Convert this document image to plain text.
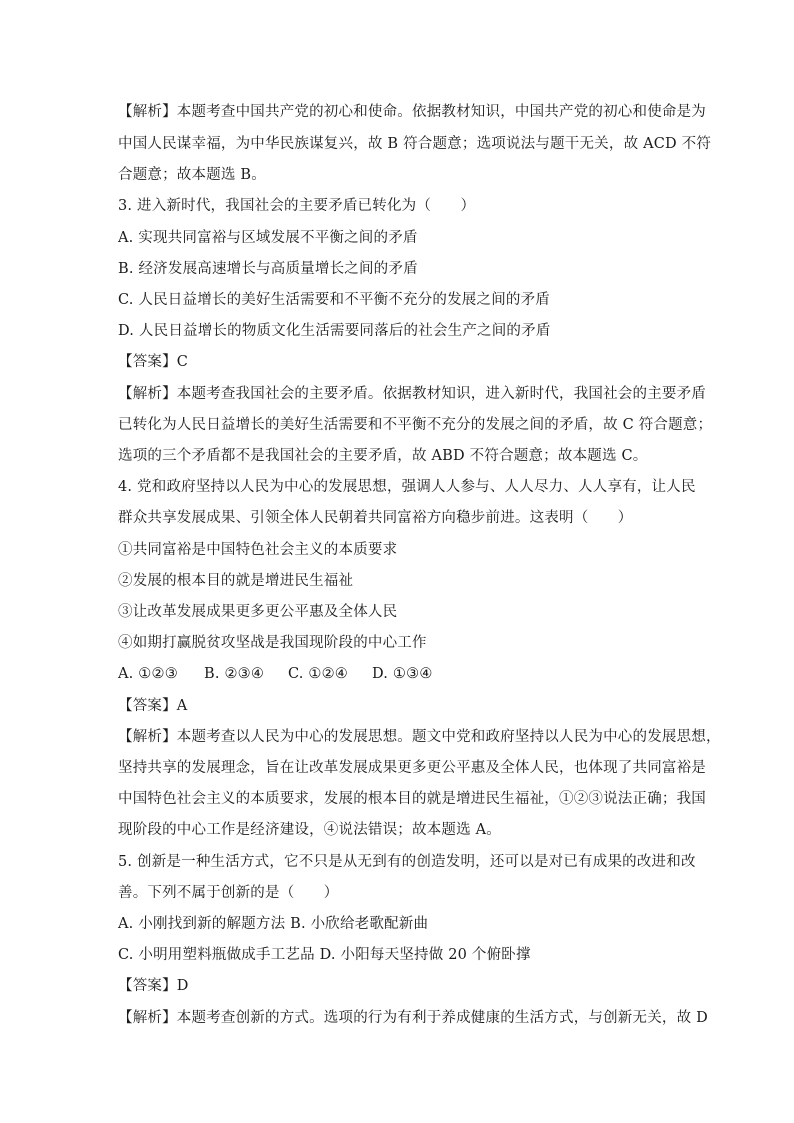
【解析】本题考查中国共产党的初心和使命。依据教材知识，中国共产党的初心和使命是为
中国人民谋幸福，为中华民族谋复兴，故 B 符合题意；选项说法与题干无关，故 ACD 不符
合题意；故本题选 B。
3. 进入新时代，我国社会的主要矛盾已转化为（　　）
A. 实现共同富裕与区域发展不平衡之间的矛盾
B. 经济发展高速增长与高质量增长之间的矛盾
C. 人民日益增长的美好生活需要和不平衡不充分的发展之间的矛盾
D. 人民日益增长的物质文化生活需要同落后的社会生产之间的矛盾
【答案】C
【解析】本题考查我国社会的主要矛盾。依据教材知识，进入新时代，我国社会的主要矛盾
已转化为人民日益增长的美好生活需要和不平衡不充分的发展之间的矛盾，故 C 符合题意；
选项的三个矛盾都不是我国社会的主要矛盾，故 ABD 不符合题意；故本题选 C。
4. 党和政府坚持以人民为中心的发展思想，强调人人参与、人人尽力、人人享有，让人民
群众共享发展成果、引领全体人民朝着共同富裕方向稳步前进。这表明（　　）
①共同富裕是中国特色社会主义的本质要求
②发展的根本目的就是增进民生福祉
③让改革发展成果更多更公平惠及全体人民
④如期打赢脱贫攻坚战是我国现阶段的中心工作
A. ①②③ B. ②③④ C. ①②④ D. ①③④
【答案】A
【解析】本题考查以人民为中心的发展思想。题文中党和政府坚持以人民为中心的发展思想，
坚持共享的发展理念，旨在让改革发展成果更多更公平惠及全体人民，也体现了共同富裕是
中国特色社会主义的本质要求，发展的根本目的就是增进民生福祉，①②③说法正确；我国
现阶段的中心工作是经济建设，④说法错误；故本题选 A。
5. 创新是一种生活方式，它不只是从无到有的创造发明，还可以是对已有成果的改进和改
善。下列不属于创新的是（　　）
A. 小刚找到新的解题方法 B. 小欣给老歌配新曲
C. 小明用塑料瓶做成手工艺品 D. 小阳每天坚持做 20 个俯卧撑
【答案】D
【解析】本题考查创新的方式。选项的行为有利于养成健康的生活方式，与创新无关，故 D
